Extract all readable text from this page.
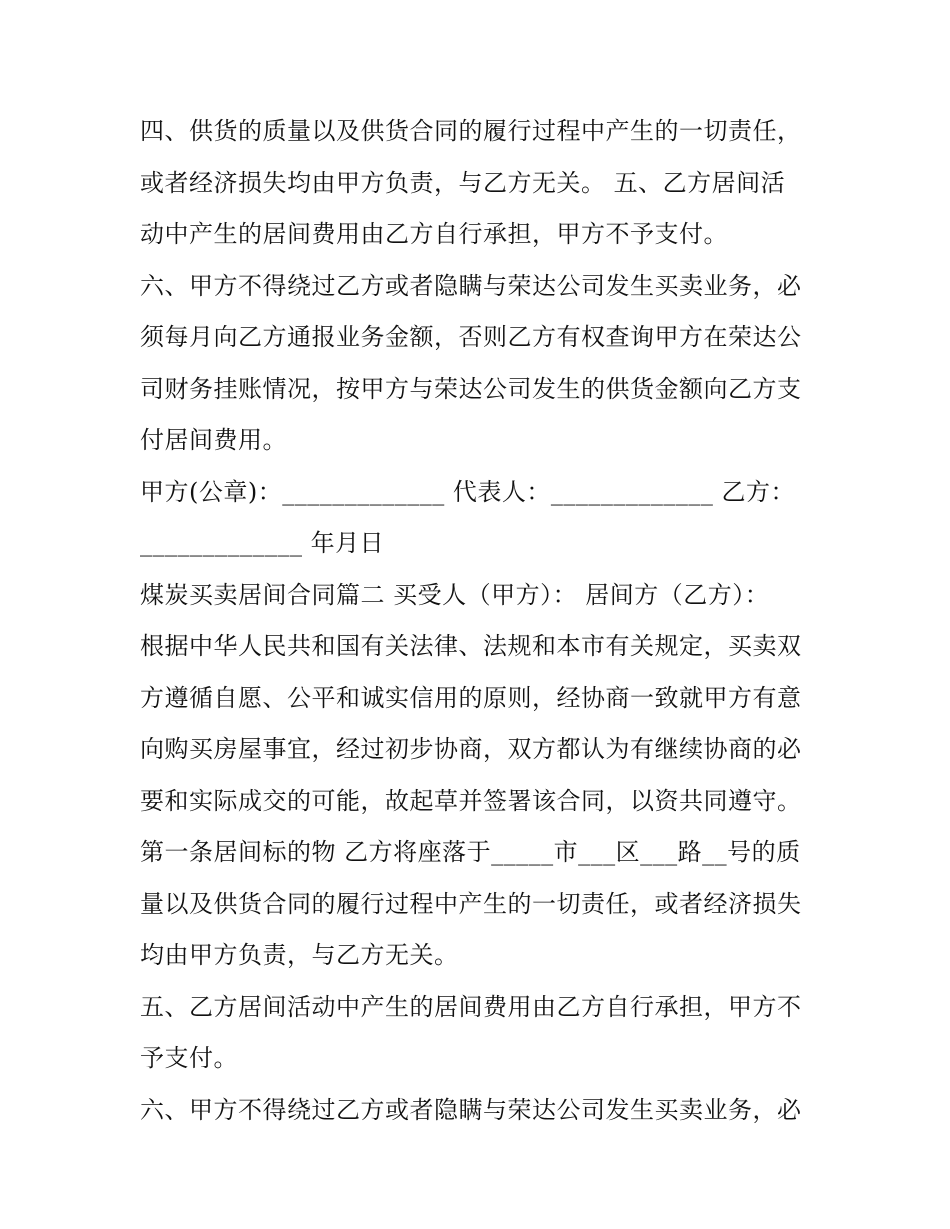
四、供货的质量以及供货合同的履行过程中产生的一切责任，
或者经济损失均由甲方负责，与乙方无关。 五、乙方居间活
动中产生的居间费用由乙方自行承担，甲方不予支付。
六、甲方不得绕过乙方或者隐瞒与荣达公司发生买卖业务，必
须每月向乙方通报业务金额，否则乙方有权查询甲方在荣达公
司财务挂账情况，按甲方与荣达公司发生的供货金额向乙方支
付居间费用。
甲方(公章)：_____________ 代表人：_____________ 乙方：
_____________ 年月日
煤炭买卖居间合同篇二 买受人（甲方）： 居间方（乙方）：
根据中华人民共和国有关法律、法规和本市有关规定，买卖双
方遵循自愿、公平和诚实信用的原则，经协商一致就甲方有意
向购买房屋事宜，经过初步协商，双方都认为有继续协商的必
要和实际成交的可能，故起草并签署该合同，以资共同遵守。
第一条居间标的物 乙方将座落于_____市___区___路__号的质
量以及供货合同的履行过程中产生的一切责任，或者经济损失
均由甲方负责，与乙方无关。
五、乙方居间活动中产生的居间费用由乙方自行承担，甲方不
予支付。
六、甲方不得绕过乙方或者隐瞒与荣达公司发生买卖业务，必
